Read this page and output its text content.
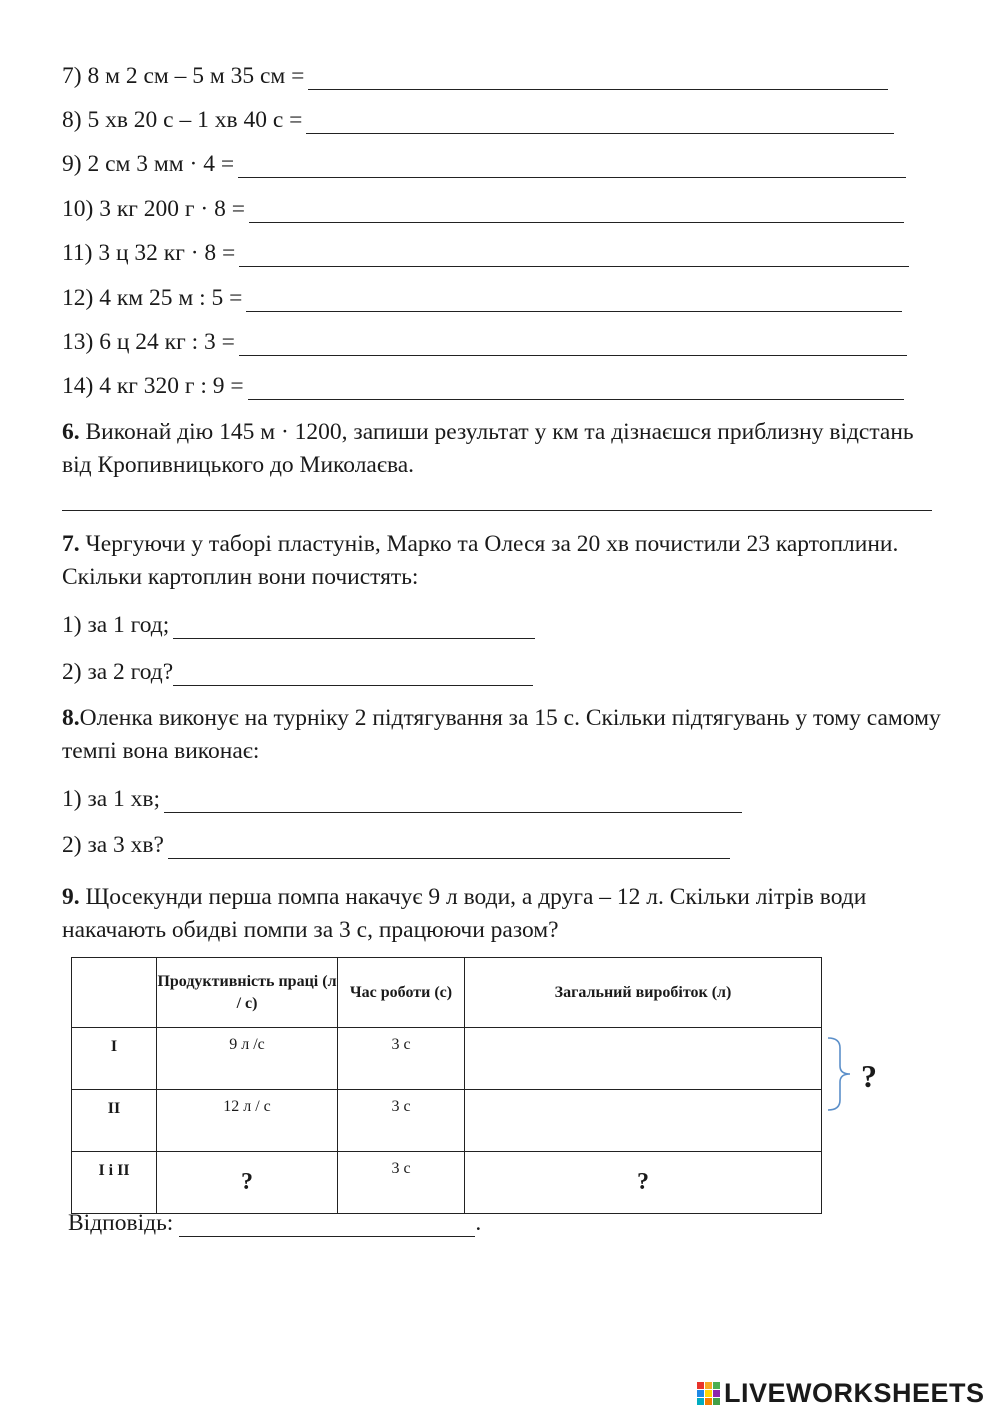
7) 8 м 2 см – 5 м 35 см =
8) 5 хв 20 с – 1 хв 40 с =
9) 2 см 3 мм · 4 =
10) 3 кг 200 г · 8 =
11) 3 ц 32 кг · 8 =
12) 4 км 25 м : 5 =
13) 6 ц 24 кг : 3 =
14) 4 кг 320 г : 9 =
6. Виконай дію 145 м · 1200, запиши результат у км та дізнаєшся приблизну відстань від Кропивницького до Миколаєва.
7. Чергуючи у таборі пластунів, Марко та Олеся за 20 хв почистили 23 картоплини. Скільки картоплин вони почистять:
1) за 1 год;
2) за 2 год?
8.Оленка виконує на турніку 2 підтягування за 15 с. Скільки підтягувань у тому самому темпі вона виконає:
1) за 1 хв;
2) за 3 хв?
9. Щосекунди перша помпа накачує 9 л води, а друга – 12 л. Скільки літрів води накачають обидві помпи за 3 с, працюючи разом?
	Продуктивність праці (л / с)	Час роботи (с)	Загальний виробіток (л)
I	9 л /с	3 с	
II	12 л / с	3 с	
I і II	?	3 с	?
?
Відповідь:	.
LIVEWORKSHEETS
